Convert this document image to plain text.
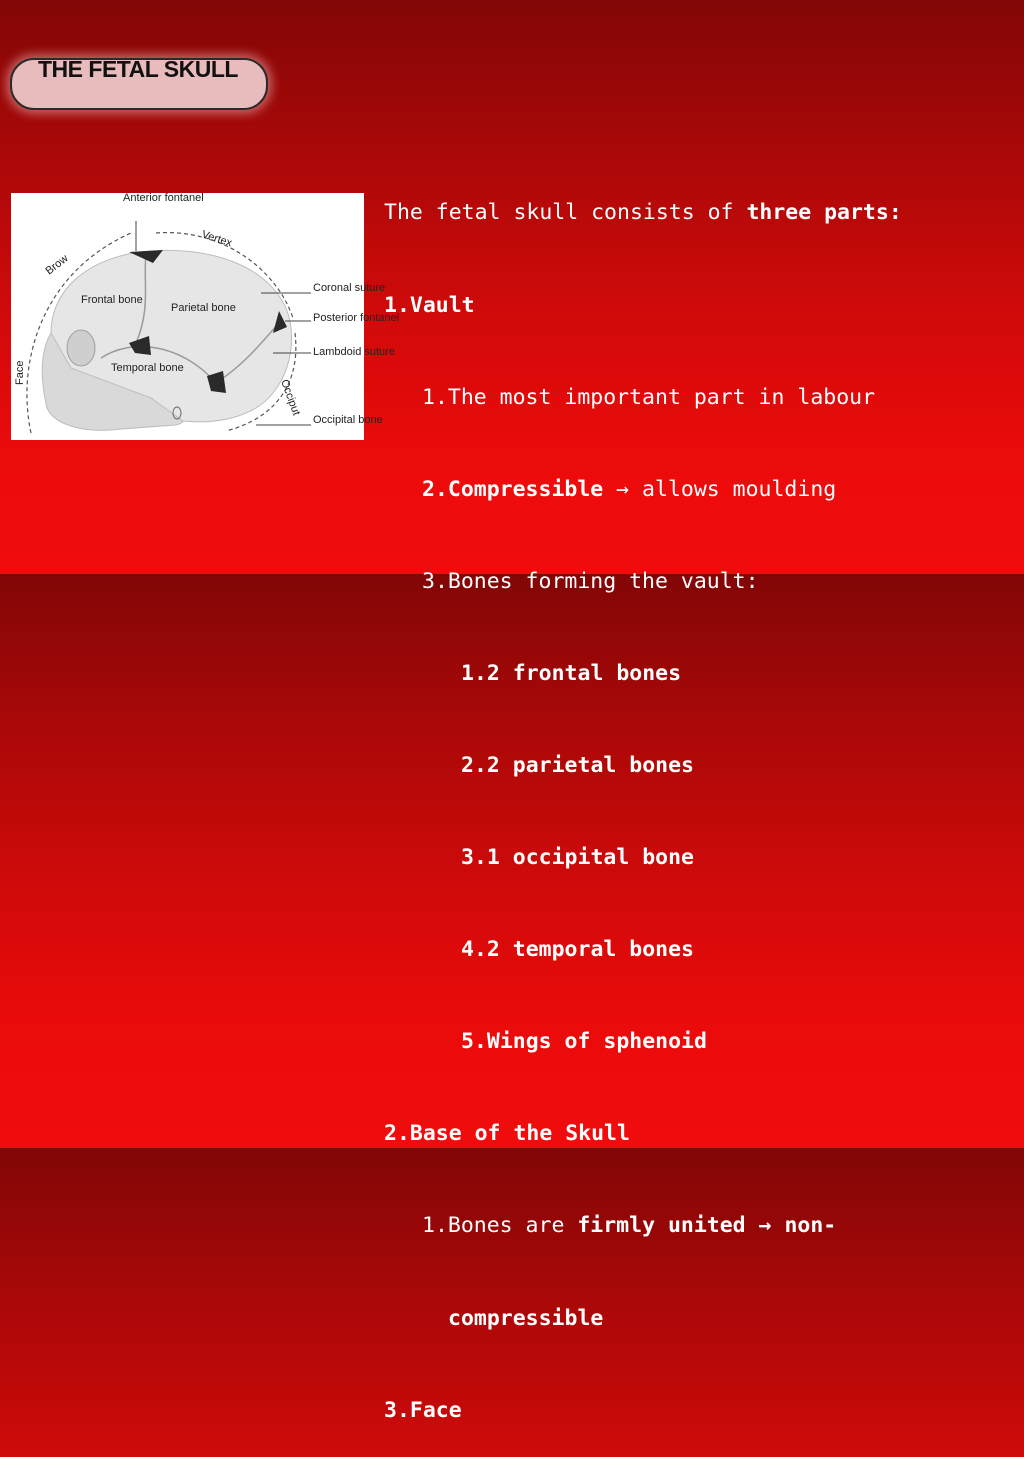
THE FETAL SKULL
Anterior fontanel
Vertex
Brow
Frontal bone
Parietal bone
Coronal suture
Posterior fontanel
Lambdoid suture
Temporal bone
Occiput
Occipital bone
Face

The fetal skull consists of three parts:

1.Vault

1.The most important part in labour

2.Compressible → allows moulding

3.Bones forming the vault:

1.2 frontal bones

2.2 parietal bones

3.1 occipital bone

4.2 temporal bones

5.Wings of sphenoid

2.Base of the Skull

1.Bones are firmly united → non-

compressible

3.Face
